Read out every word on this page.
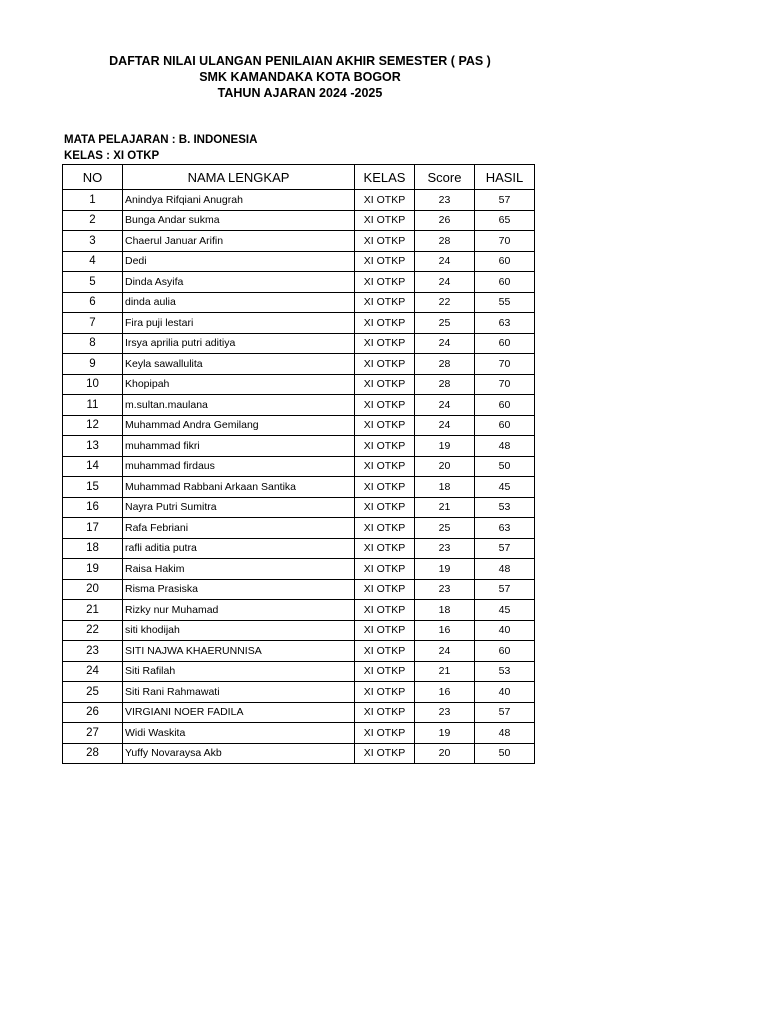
DAFTAR NILAI ULANGAN PENILAIAN AKHIR SEMESTER ( PAS )
SMK KAMANDAKA KOTA BOGOR
TAHUN AJARAN 2024 -2025
MATA PELAJARAN : B. INDONESIA
KELAS : XI OTKP
NO	NAMA LENGKAP	KELAS	Score	HASIL
1	Anindya Rifqiani Anugrah	XI OTKP	23	57
2	Bunga Andar sukma	XI OTKP	26	65
3	Chaerul Januar Arifin	XI OTKP	28	70
4	Dedi	XI OTKP	24	60
5	Dinda Asyifa	XI OTKP	24	60
6	dinda aulia	XI OTKP	22	55
7	Fira puji lestari	XI OTKP	25	63
8	Irsya aprilia putri aditiya	XI OTKP	24	60
9	Keyla sawallulita	XI OTKP	28	70
10	Khopipah	XI OTKP	28	70
11	m.sultan.maulana	XI OTKP	24	60
12	Muhammad Andra Gemilang	XI OTKP	24	60
13	muhammad fikri	XI OTKP	19	48
14	muhammad firdaus	XI OTKP	20	50
15	Muhammad Rabbani Arkaan Santika	XI OTKP	18	45
16	Nayra Putri Sumitra	XI OTKP	21	53
17	Rafa Febriani	XI OTKP	25	63
18	rafli aditia putra	XI OTKP	23	57
19	Raisa Hakim	XI OTKP	19	48
20	Risma Prasiska	XI OTKP	23	57
21	Rizky nur Muhamad	XI OTKP	18	45
22	siti khodijah	XI OTKP	16	40
23	SITI NAJWA KHAERUNNISA	XI OTKP	24	60
24	Siti Rafilah	XI OTKP	21	53
25	Siti Rani Rahmawati	XI OTKP	16	40
26	VIRGIANI NOER FADILA	XI OTKP	23	57
27	Widi Waskita	XI OTKP	19	48
28	Yuffy Novaraysa Akb	XI OTKP	20	50
